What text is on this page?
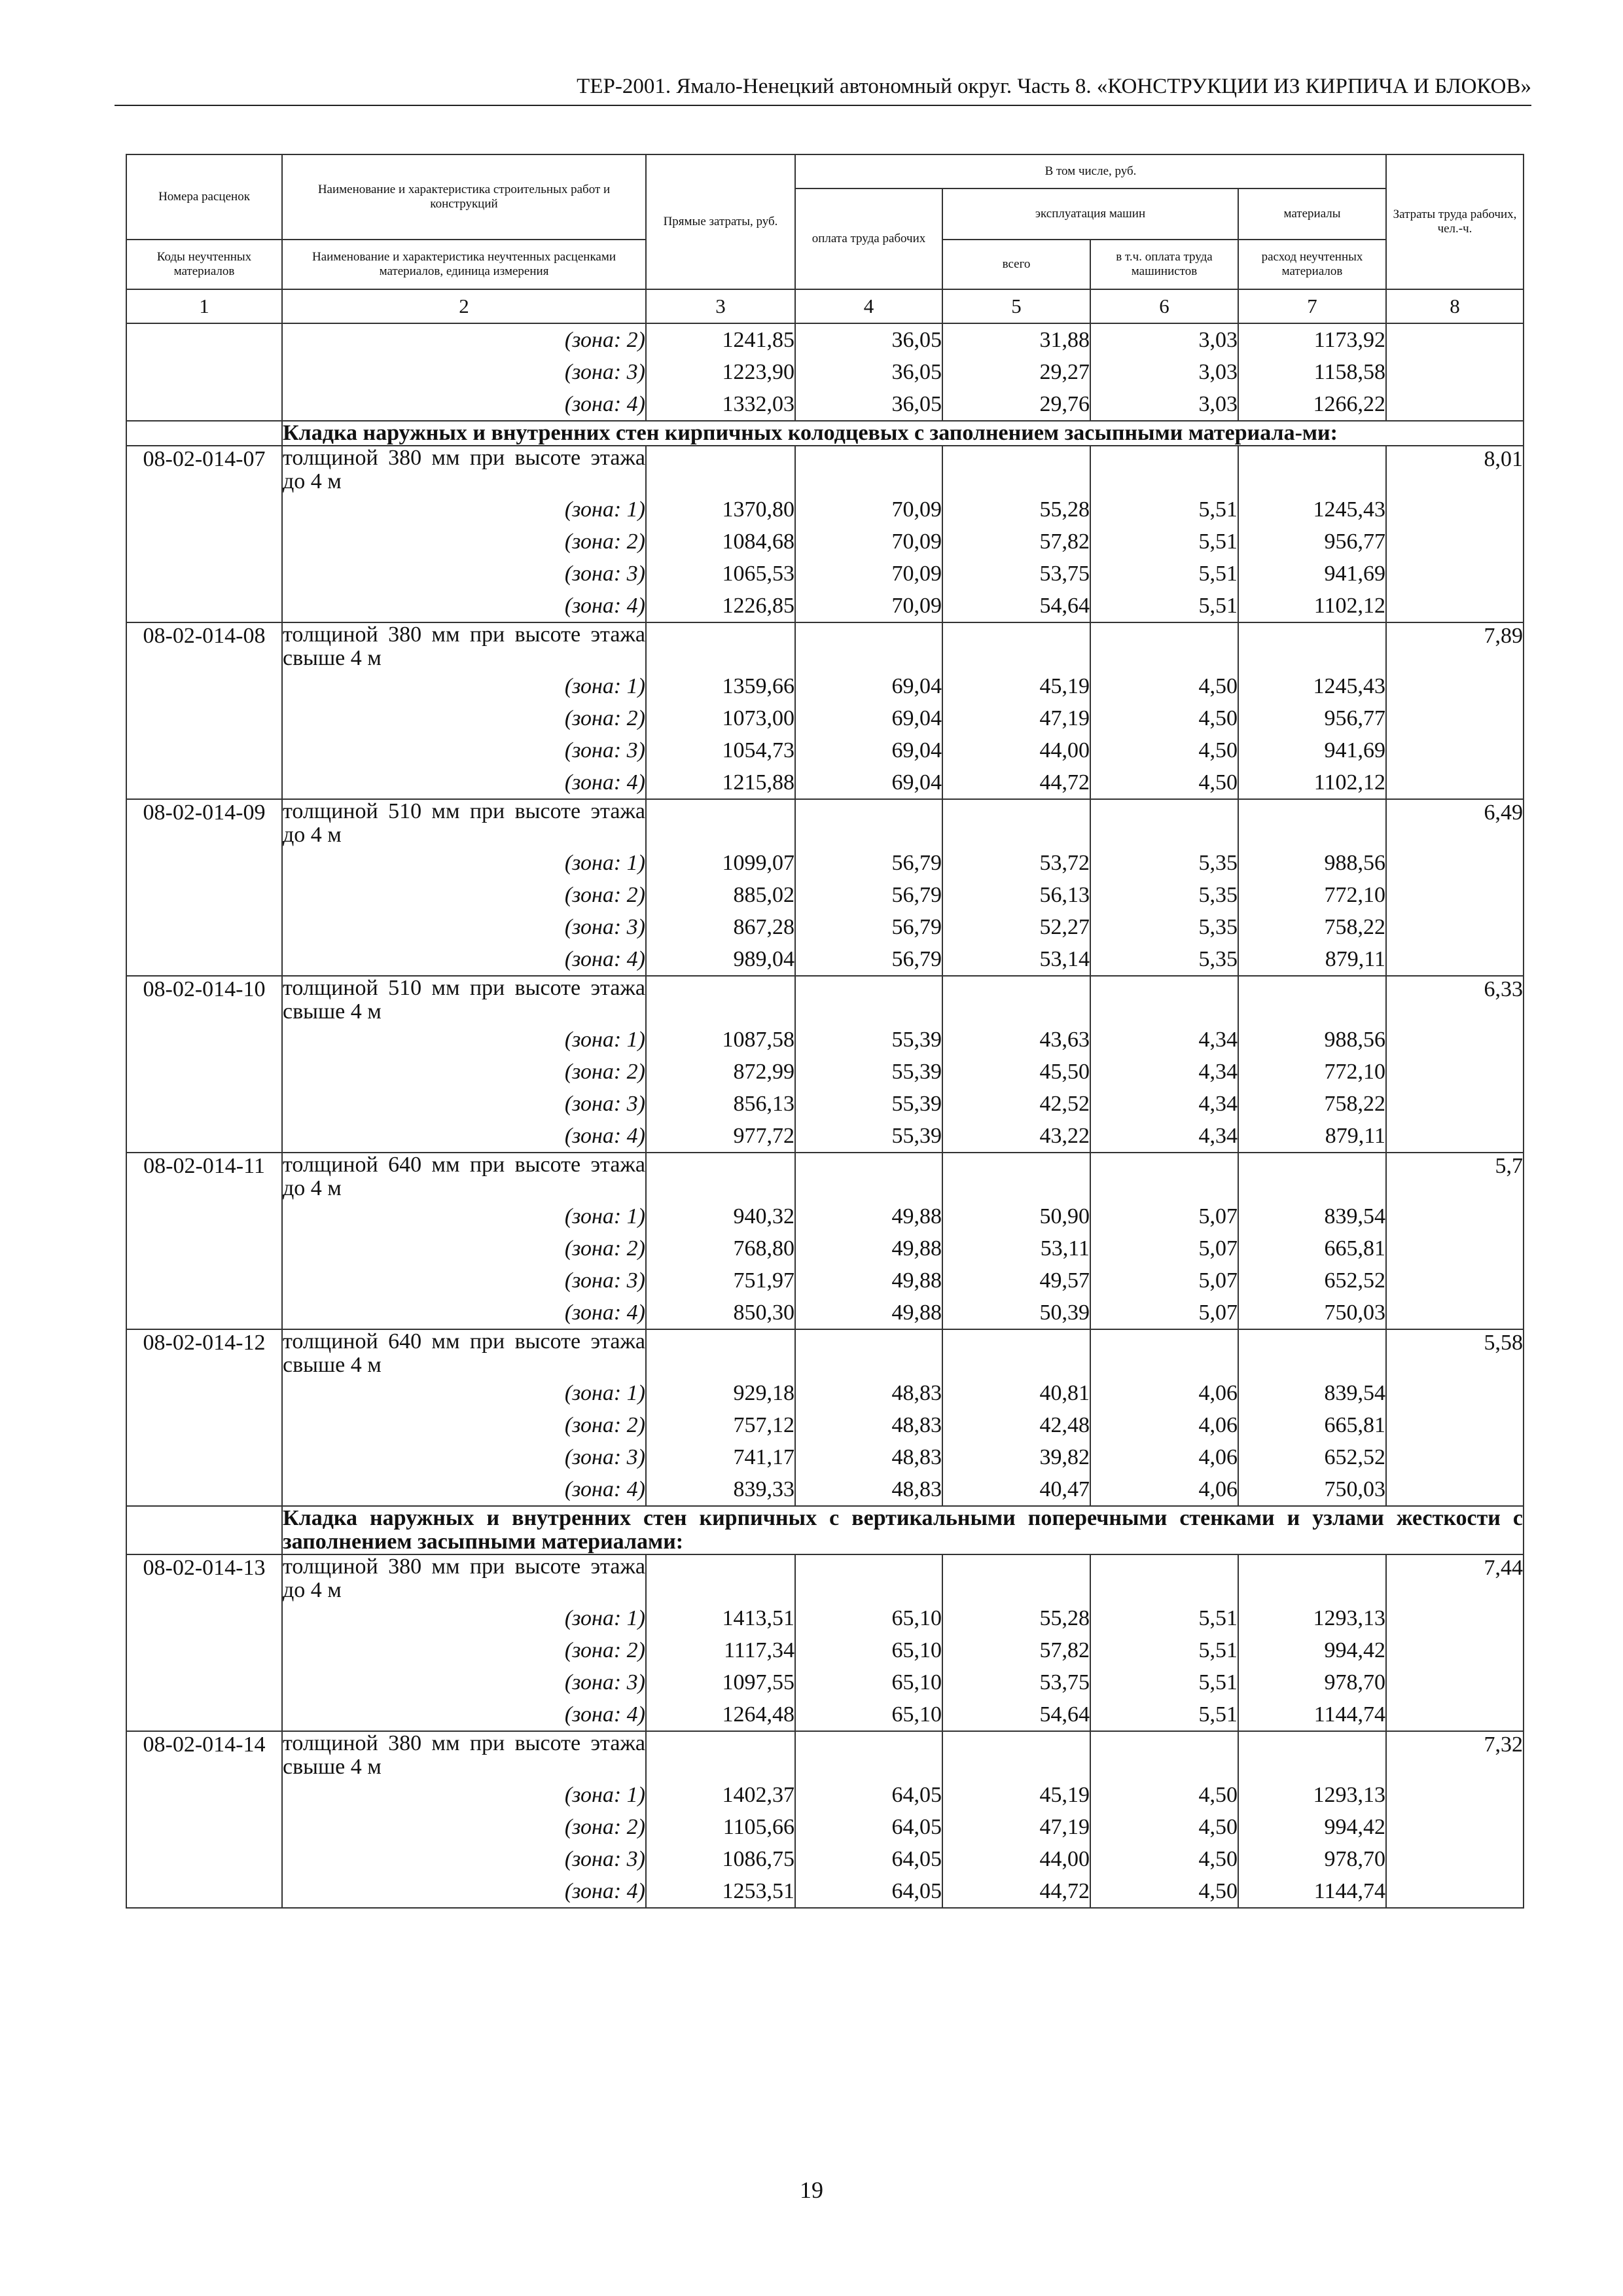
ТЕР-2001. Ямало-Ненецкий автономный округ. Часть 8. «КОНСТРУКЦИИ ИЗ КИРПИЧА И БЛОКОВ»
Номера расценок	Наименование и характеристика строительных работ и конструкций	Прямые затраты, руб.	В том числе, руб.				Затраты труда рабочих, чел.-ч.
			оплата труда рабочих	эксплуатация машин		материалы	
Коды неучтенных материалов	Наименование и характеристика неучтенных расценками материалов, единица измерения			всего	в т.ч. оплата труда машинистов	расход неучтенных материалов	
1	2	3	4	5	6	7	8
	(зона: 2)	1241,85	36,05	31,88	3,03	1173,92	
	(зона: 3)	1223,90	36,05	29,27	3,03	1158,58	
	(зона: 4)	1332,03	36,05	29,76	3,03	1266,22	
	Кладка наружных и внутренних стен кирпичных колодцевых с заполнением засыпными материала-ми:						
08-02-014-07	толщиной 380 мм при высоте этажа до 4 м						8,01
	(зона: 1)	1370,80	70,09	55,28	5,51	1245,43	
	(зона: 2)	1084,68	70,09	57,82	5,51	956,77	
	(зона: 3)	1065,53	70,09	53,75	5,51	941,69	
	(зона: 4)	1226,85	70,09	54,64	5,51	1102,12	
08-02-014-08	толщиной 380 мм при высоте этажа свыше 4 м						7,89
	(зона: 1)	1359,66	69,04	45,19	4,50	1245,43	
	(зона: 2)	1073,00	69,04	47,19	4,50	956,77	
	(зона: 3)	1054,73	69,04	44,00	4,50	941,69	
	(зона: 4)	1215,88	69,04	44,72	4,50	1102,12	
08-02-014-09	толщиной 510 мм при высоте этажа до 4 м						6,49
	(зона: 1)	1099,07	56,79	53,72	5,35	988,56	
	(зона: 2)	885,02	56,79	56,13	5,35	772,10	
	(зона: 3)	867,28	56,79	52,27	5,35	758,22	
	(зона: 4)	989,04	56,79	53,14	5,35	879,11	
08-02-014-10	толщиной 510 мм при высоте этажа свыше 4 м						6,33
	(зона: 1)	1087,58	55,39	43,63	4,34	988,56	
	(зона: 2)	872,99	55,39	45,50	4,34	772,10	
	(зона: 3)	856,13	55,39	42,52	4,34	758,22	
	(зона: 4)	977,72	55,39	43,22	4,34	879,11	
08-02-014-11	толщиной 640 мм при высоте этажа до 4 м						5,7
	(зона: 1)	940,32	49,88	50,90	5,07	839,54	
	(зона: 2)	768,80	49,88	53,11	5,07	665,81	
	(зона: 3)	751,97	49,88	49,57	5,07	652,52	
	(зона: 4)	850,30	49,88	50,39	5,07	750,03	
08-02-014-12	толщиной 640 мм при высоте этажа свыше 4 м						5,58
	(зона: 1)	929,18	48,83	40,81	4,06	839,54	
	(зона: 2)	757,12	48,83	42,48	4,06	665,81	
	(зона: 3)	741,17	48,83	39,82	4,06	652,52	
	(зона: 4)	839,33	48,83	40,47	4,06	750,03	
	Кладка наружных и внутренних стен кирпичных с вертикальными поперечными стенками и узлами жесткости с заполнением засыпными материалами:						
08-02-014-13	толщиной 380 мм при высоте этажа до 4 м						7,44
	(зона: 1)	1413,51	65,10	55,28	5,51	1293,13	
	(зона: 2)	1117,34	65,10	57,82	5,51	994,42	
	(зона: 3)	1097,55	65,10	53,75	5,51	978,70	
	(зона: 4)	1264,48	65,10	54,64	5,51	1144,74	
08-02-014-14	толщиной 380 мм при высоте этажа свыше 4 м						7,32
	(зона: 1)	1402,37	64,05	45,19	4,50	1293,13	
	(зона: 2)	1105,66	64,05	47,19	4,50	994,42	
	(зона: 3)	1086,75	64,05	44,00	4,50	978,70	
	(зона: 4)	1253,51	64,05	44,72	4,50	1144,74	
19
